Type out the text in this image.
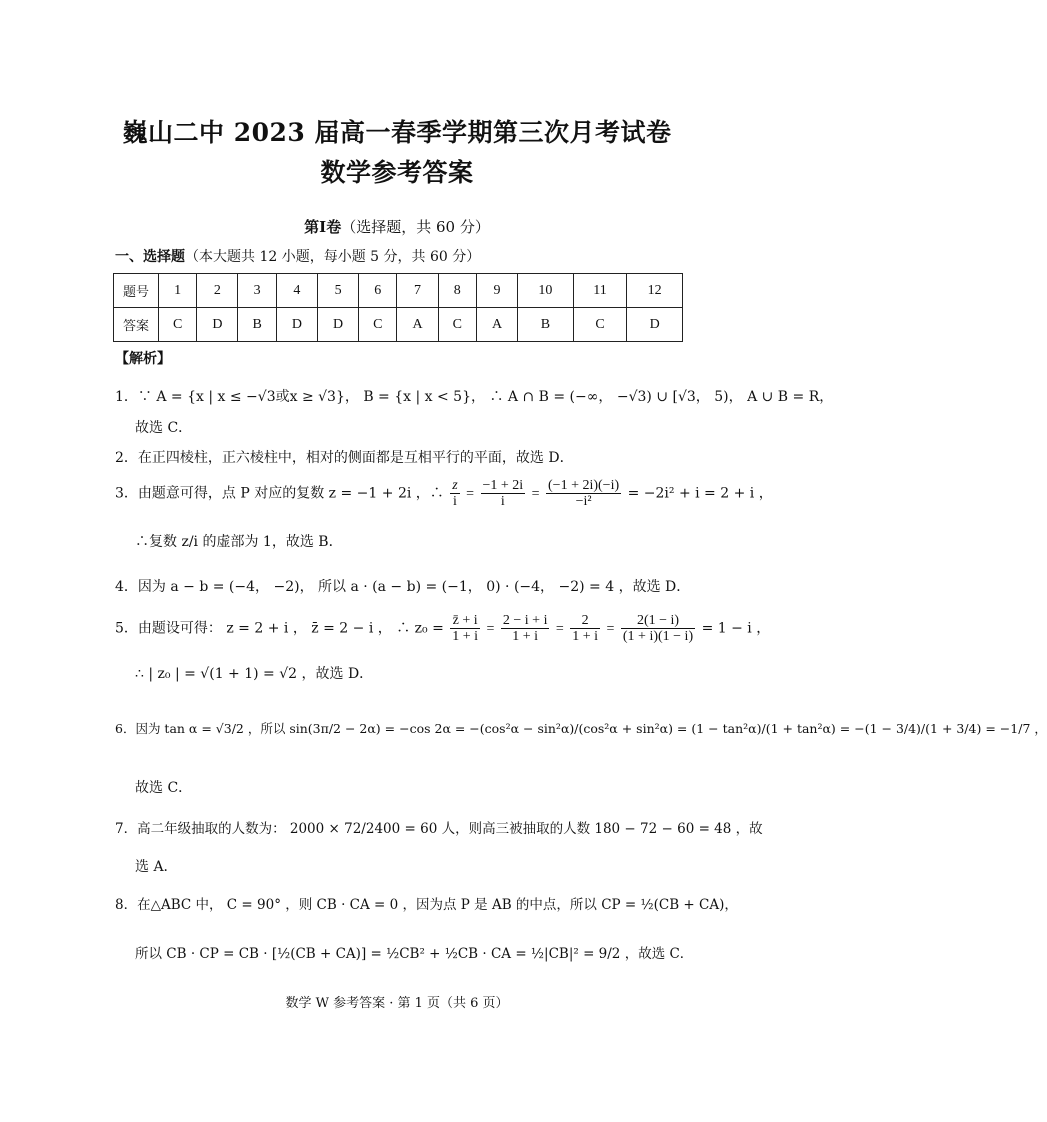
巍山二中 2023 届高一春季学期第三次月考试卷
数学参考答案
第Ⅰ卷（选择题，共 60 分）
一、选择题（本大题共 12 小题，每小题 5 分，共 60 分）
题号	1	2	3	4	5	6	7	8	9	10	11	12
答案	C	D	B	D	D	C	A	C	A	B	C	D
【解析】
1．∵ A = {x | x ≤ −√3或x ≥ √3}， B = {x | x < 5}， ∴ A ∩ B = (−∞， −√3) ∪ [√3， 5)， A ∪ B = R，
故选 C．
2．在正四棱柱，正六棱柱中，相对的侧面都是互相平行的平面，故选 D．
3．由题意可得，点 P 对应的复数 z = −1 + 2i ，∴ $\frac{z}{i} = \frac{-1 + 2i}{i} = \frac{(-1 + 2i)(-i)}{\text{−i²}} = -2i^2 + i = 2 + i$ ，
∴复数 z/i 的虚部为 1，故选 B．
4．因为 a − b = (−4， −2)， 所以 a · (a − b) = (−1， 0) · (−4， −2) = 4 ，故选 D．
5．由题设可得： z = 2 + i ， z̄ = 2 − i ， ∴ $z_0 = \frac{z̄ + i}{1 + i} = \frac{2 - i + i}{1 + i} = \frac{2}{1 + i} = \frac{2(1 - i)}{(1 + i)(1 - i)} = 1 - i$ ，
∴ | z₀ | = √(1 + 1) = √2 ，故选 D．
6．因为 tan α = √3/2 ，所以 sin(3π/2 − 2α) = −cos 2α = −(cos²α − sin²α)/(cos²α + sin²α) = (1 − tan²α)/(1 + tan²α) = −(1 − 3/4)/(1 + 3/4) = −1/7 ，
故选 C．
7．高二年级抽取的人数为： 2000 × 72/2400 = 60 人，则高三被抽取的人数 180 − 72 − 60 = 48 ，故
选 A．
8．在△ABC 中， C = 90° ，则 CB · CA = 0 ，因为点 P 是 AB 的中点，所以 CP = ½(CB + CA)，
所以 CB · CP = CB · [½(CB + CA)] = ½CB² + ½CB · CA = ½|CB|² = 9/2 ，故选 C．
数学 W 参考答案 · 第 1 页（共 6 页）
